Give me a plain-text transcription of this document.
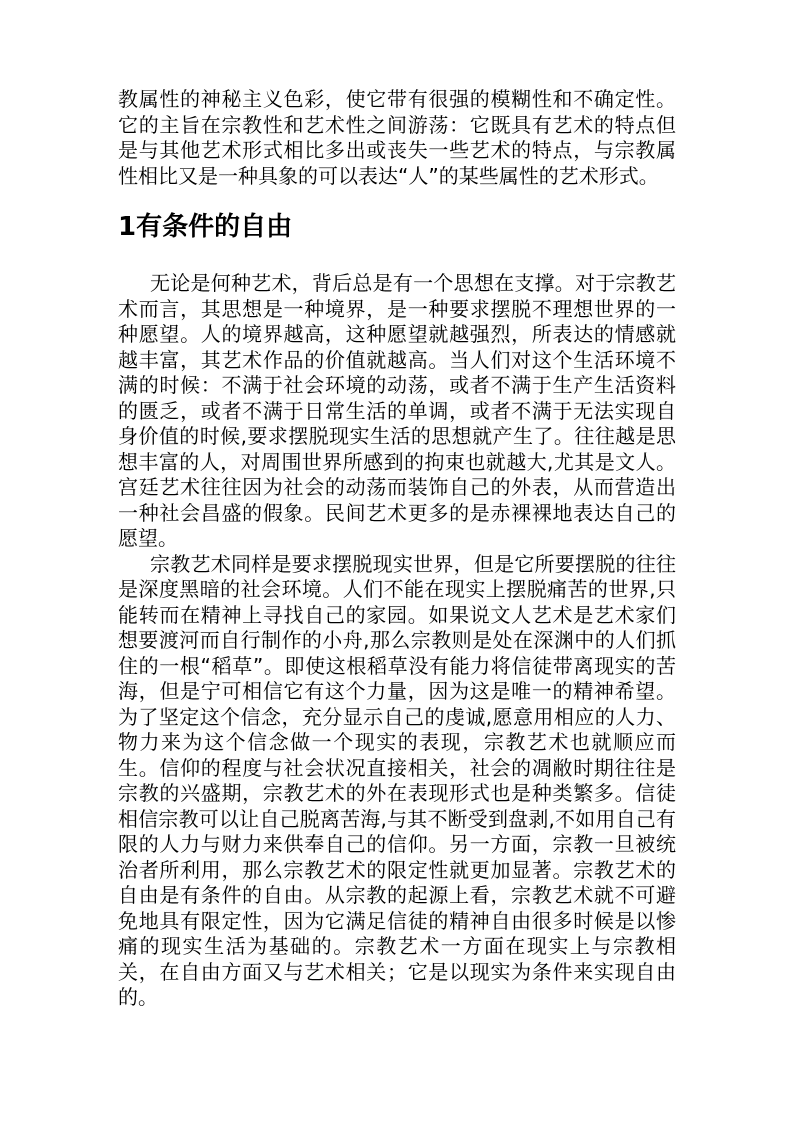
教属性的神秘主义色彩，使它带有很强的模糊性和不确定性。它的主旨在宗教性和艺术性之间游荡：它既具有艺术的特点但是与其他艺术形式相比多出或丧失一些艺术的特点，与宗教属性相比又是一种具象的可以表达“人”的某些属性的艺术形式。

1有条件的自由

无论是何种艺术，背后总是有一个思想在支撑。对于宗教艺术而言，其思想是一种境界，是一种要求摆脱不理想世界的一种愿望。人的境界越高，这种愿望就越强烈，所表达的情感就越丰富，其艺术作品的价值就越高。当人们对这个生活环境不满的时候：不满于社会环境的动荡，或者不满于生产生活资料的匮乏，或者不满于日常生活的单调，或者不满于无法实现自身价值的时候,要求摆脱现实生活的思想就产生了。往往越是思想丰富的人，对周围世界所感到的拘束也就越大,尤其是文人。宫廷艺术往往因为社会的动荡而装饰自己的外表，从而营造出一种社会昌盛的假象。民间艺术更多的是赤裸裸地表达自己的愿望。

宗教艺术同样是要求摆脱现实世界，但是它所要摆脱的往往是深度黑暗的社会环境。人们不能在现实上摆脱痛苦的世界,只能转而在精神上寻找自己的家园。如果说文人艺术是艺术家们想要渡河而自行制作的小舟,那么宗教则是处在深渊中的人们抓住的一根“稻草”。即使这根稻草没有能力将信徒带离现实的苦海，但是宁可相信它有这个力量，因为这是唯一的精神希望。为了坚定这个信念，充分显示自己的虔诚,愿意用相应的人力、物力来为这个信念做一个现实的表现，宗教艺术也就顺应而生。信仰的程度与社会状况直接相关，社会的凋敝时期往往是宗教的兴盛期，宗教艺术的外在表现形式也是种类繁多。信徒相信宗教可以让自己脱离苦海,与其不断受到盘剥,不如用自己有限的人力与财力来供奉自己的信仰。另一方面，宗教一旦被统治者所利用，那么宗教艺术的限定性就更加显著。宗教艺术的自由是有条件的自由。从宗教的起源上看，宗教艺术就不可避免地具有限定性，因为它满足信徒的精神自由很多时候是以惨痛的现实生活为基础的。宗教艺术一方面在现实上与宗教相关，在自由方面又与艺术相关；它是以现实为条件来实现自由的。
